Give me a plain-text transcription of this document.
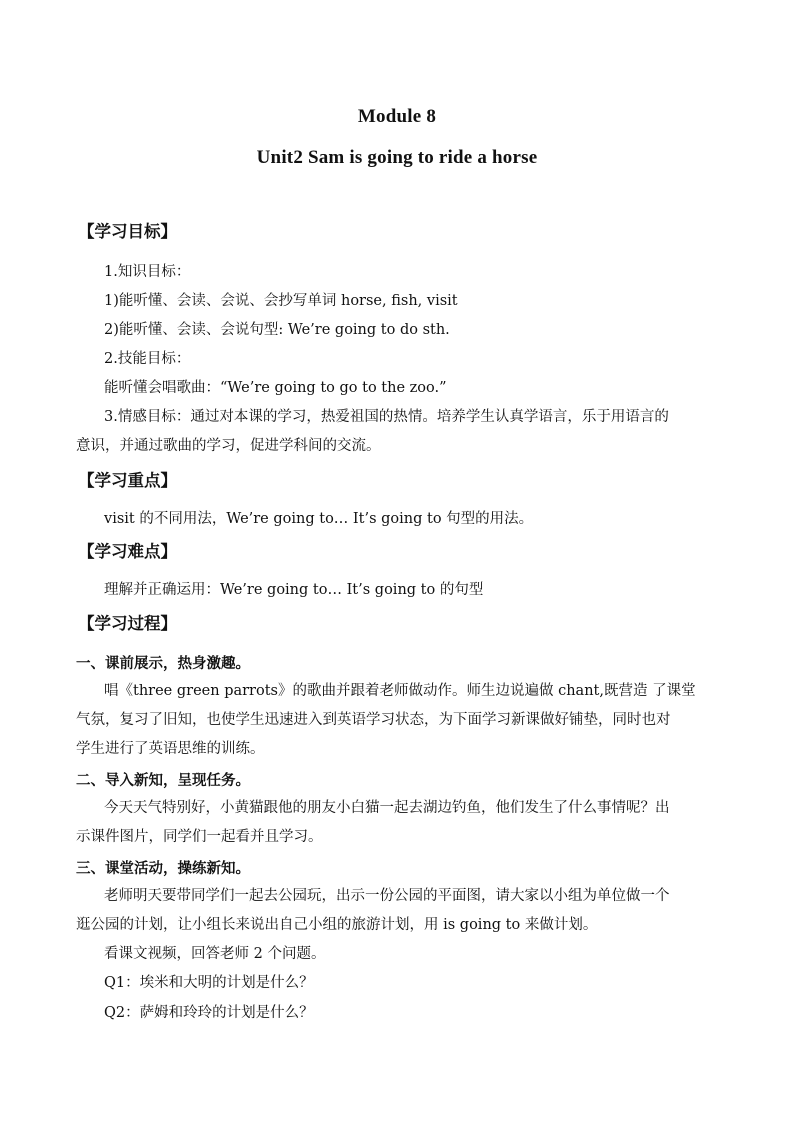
Module 8
Unit2 Sam is going to ride a horse
【学习目标】
1.知识目标：
1)能听懂、会读、会说、会抄写单词 horse, fish, visit
2)能听懂、会读、会说句型: We’re going to do sth.
2.技能目标：
能听懂会唱歌曲：“We’re going to go to the zoo.”
3.情感目标：通过对本课的学习，热爱祖国的热情。培养学生认真学语言，乐于用语言的
意识，并通过歌曲的学习，促进学科间的交流。
【学习重点】
visit 的不同用法，We’re going to… It’s going to 句型的用法。
【学习难点】
理解并正确运用：We’re going to… It’s going to 的句型
【学习过程】
一、课前展示，热身激趣。
唱《three green parrots》的歌曲并跟着老师做动作。师生边说遍做 chant,既营造 了课堂
气氛，复习了旧知，也使学生迅速进入到英语学习状态，为下面学习新课做好铺垫，同时也对
学生进行了英语思维的训练。
二、导入新知，呈现任务。
今天天气特别好，小黄猫跟他的朋友小白猫一起去湖边钓鱼，他们发生了什么事情呢？出
示课件图片，同学们一起看并且学习。
三、课堂活动，操练新知。
老师明天要带同学们一起去公园玩，出示一份公园的平面图，请大家以小组为单位做一个
逛公园的计划，让小组长来说出自己小组的旅游计划，用 is going to 来做计划。
看课文视频，回答老师 2 个问题。
Q1：埃米和大明的计划是什么？
Q2：萨姆和玲玲的计划是什么？
